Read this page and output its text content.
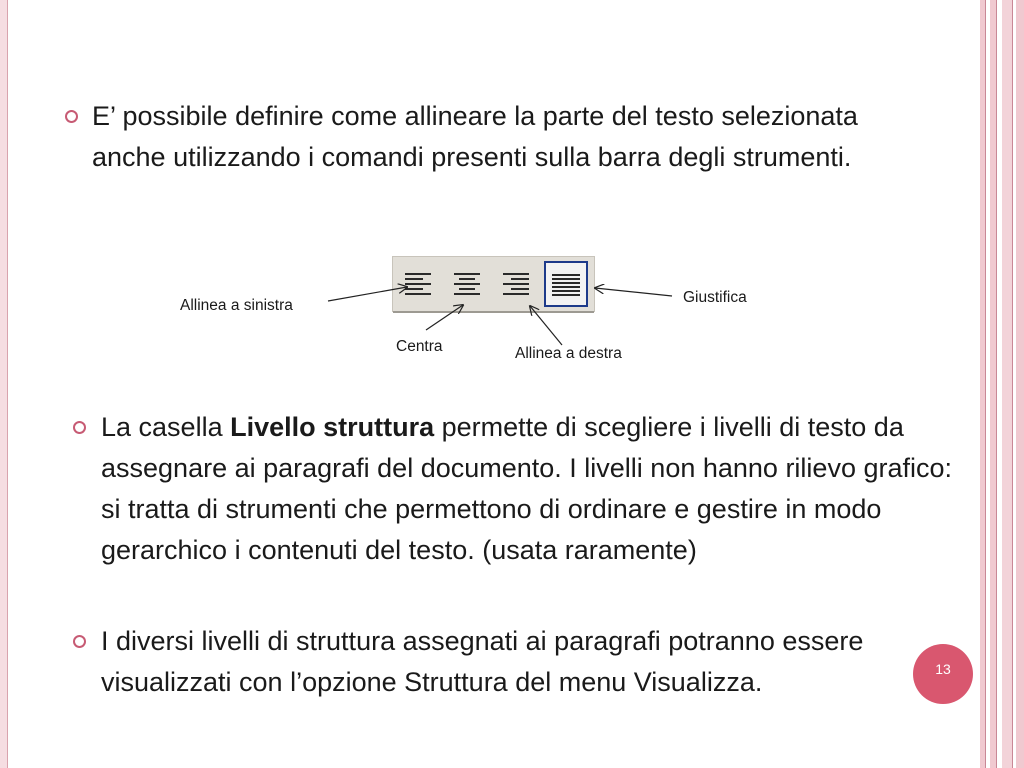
E’ possibile definire come allineare la parte del testo selezionata anche utilizzando i comandi presenti sulla barra degli strumenti.
Allinea a sinistra
Centra	Allinea a destra
Giustifica
La casella Livello struttura permette di scegliere i livelli di testo da assegnare ai paragrafi del documento. I livelli non hanno rilievo grafico: si tratta di strumenti che permettono di ordinare e gestire in modo gerarchico i contenuti del testo. (usata raramente)
I diversi livelli di struttura assegnati ai paragrafi potranno essere visualizzati con l’opzione Struttura del menu Visualizza.	13
